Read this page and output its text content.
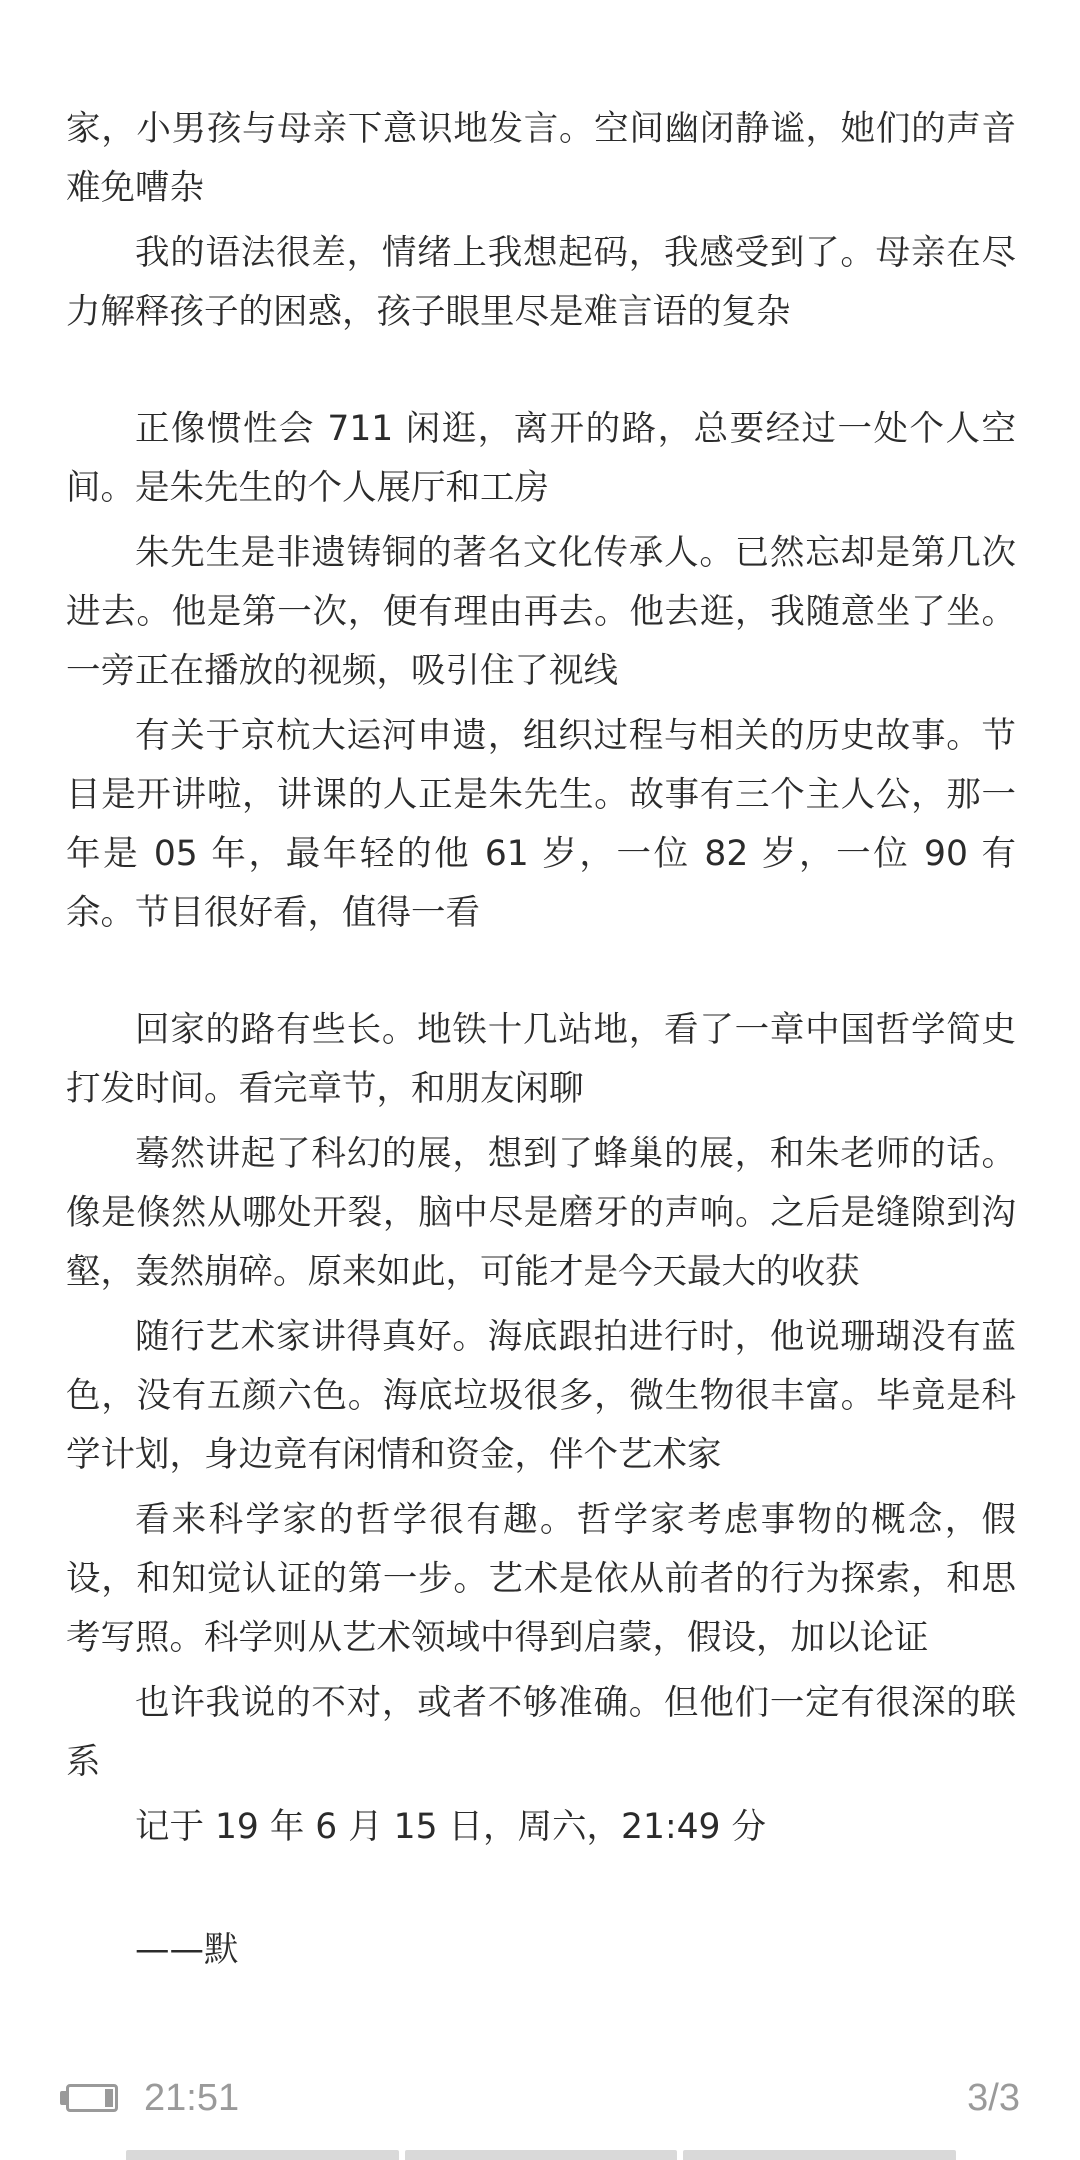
家，小男孩与母亲下意识地发言。空间幽闭静谧，她们的声音难免嘈杂

我的语法很差，情绪上我想起码，我感受到了。母亲在尽力解释孩子的困惑，孩子眼里尽是难言语的复杂

正像惯性会 711 闲逛，离开的路，总要经过一处个人空间。是朱先生的个人展厅和工房

朱先生是非遗铸铜的著名文化传承人。已然忘却是第几次进去。他是第一次，便有理由再去。他去逛，我随意坐了坐。一旁正在播放的视频，吸引住了视线

有关于京杭大运河申遗，组织过程与相关的历史故事。节目是开讲啦，讲课的人正是朱先生。故事有三个主人公，那一年是 05 年，最年轻的他 61 岁，一位 82 岁，一位 90 有余。节目很好看，值得一看

回家的路有些长。地铁十几站地，看了一章中国哲学简史打发时间。看完章节，和朋友闲聊

蓦然讲起了科幻的展，想到了蜂巢的展，和朱老师的话。像是倏然从哪处开裂，脑中尽是磨牙的声响。之后是缝隙到沟壑，轰然崩碎。原来如此，可能才是今天最大的收获

随行艺术家讲得真好。海底跟拍进行时，他说珊瑚没有蓝色，没有五颜六色。海底垃圾很多，微生物很丰富。毕竟是科学计划，身边竟有闲情和资金，伴个艺术家

看来科学家的哲学很有趣。哲学家考虑事物的概念，假设，和知觉认证的第一步。艺术是依从前者的行为探索，和思考写照。科学则从艺术领域中得到启蒙，假设，加以论证

也许我说的不对，或者不够准确。但他们一定有很深的联系

记于 19 年 6 月 15 日，周六，21:49 分

——默

21:51	3/3
